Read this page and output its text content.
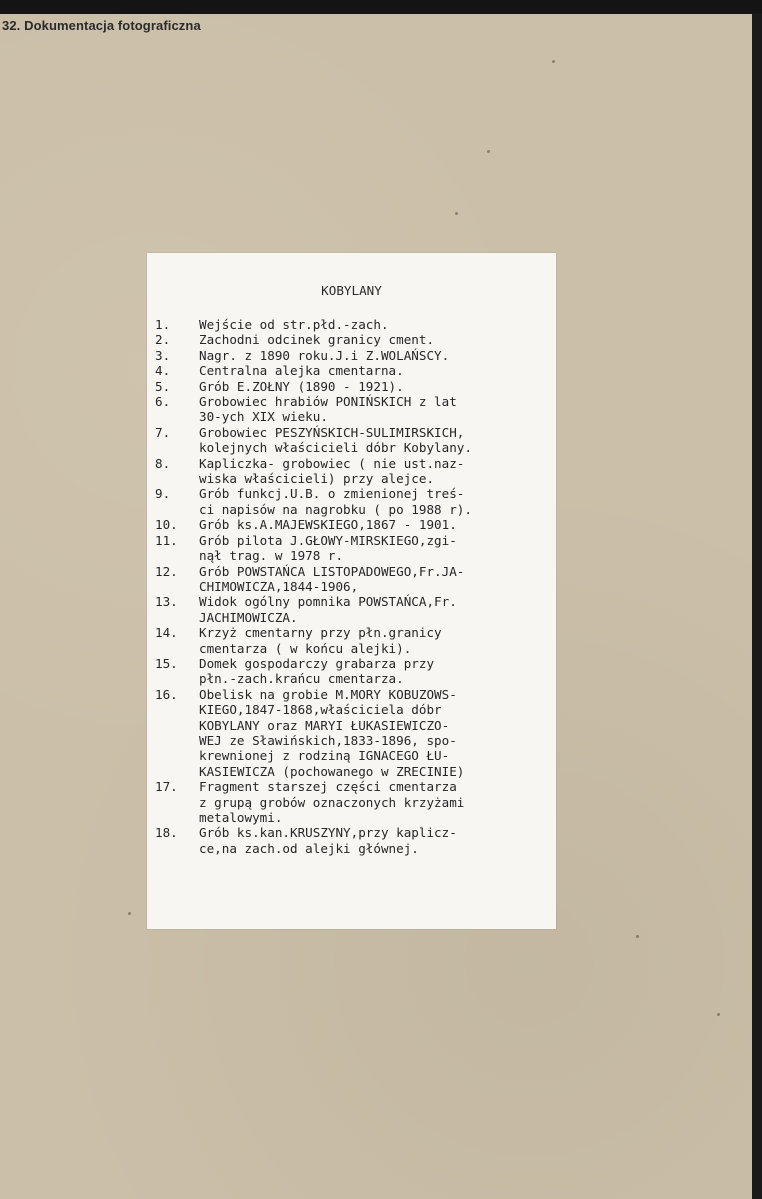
32. Dokumentacja fotograficzna
KOBYLANY
1.	Wejście od str.płd.-zach.
2.	Zachodni odcinek granicy cment.
3.	Nagr. z 1890 roku.J.i Z.WOLAŃSCY.
4.	Centralna alejka cmentarna.
5.	Grób E.ZOŁNY (1890 - 1921).
6.	Grobowiec hrabiów PONIŃSKICH z lat
30-ych XIX wieku.
7.	Grobowiec PESZYŃSKICH-SULIMIRSKICH,
kolejnych właścicieli dóbr Kobylany.
8.	Kapliczka- grobowiec ( nie ust.naz-
wiska właścicieli) przy alejce.
9.	Grób funkcj.U.B. o zmienionej treś-
ci napisów na nagrobku ( po 1988 r).
10.	Grób ks.A.MAJEWSKIEGO,1867 - 1901.
11.	Grób pilota J.GŁOWY-MIRSKIEGO,zgi-
nął trag. w 1978 r.
12.	Grób POWSTAŃCA LISTOPADOWEGO,Fr.JA-
CHIMOWICZA,1844-1906,
13.	Widok ogólny pomnika POWSTAŃCA,Fr.
JACHIMOWICZA.
14.	Krzyż cmentarny przy płn.granicy
cmentarza ( w końcu alejki).
15.	Domek gospodarczy grabarza przy
płn.-zach.krańcu cmentarza.
16.	Obelisk na grobie M.MORY KOBUZOWS-
KIEGO,1847-1868,właściciela dóbr
KOBYLANY oraz MARYI ŁUKASIEWICZO-
WEJ ze Sławińskich,1833-1896, spo-
krewnionej z rodziną IGNACEGO ŁU-
KASIEWICZA (pochowanego w ZRECINIE)
17.	Fragment starszej części cmentarza
z grupą grobów oznaczonych krzyżami
metalowymi.
18.	Grób ks.kan.KRUSZYNY,przy kaplicz-
ce,na zach.od alejki głównej.
